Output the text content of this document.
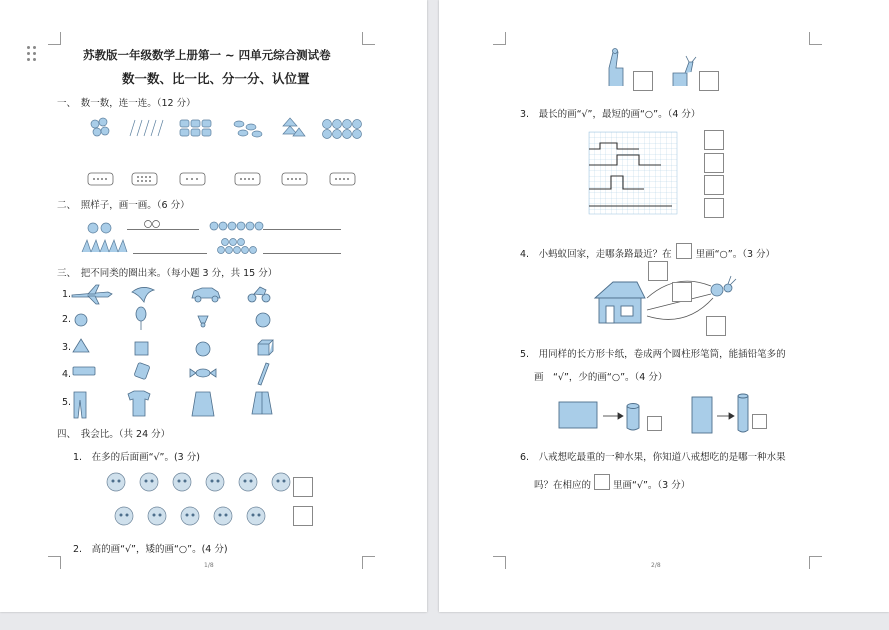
苏教版一年级数学上册第一 ~ 四单元综合测试卷
数一数、比一比、分一分、认位置
一、　数一数，连一连。（12 分）
二、　照样子，画一画。（6 分）
三、　把不同类的圈出来。（每小题 3 分，共 15 分）
1.
2.
3.
4.
5.
四、　我会比。（共 24 分）
1.　在多的后面画“√”。(3 分)
2.　高的画“√”，矮的画“○”。(4 分)
1/8
3.　最长的画“√”，最短的画“○”。（4 分）
4.　小蚂蚁回家，走哪条路最近？在	里画“○”。（3 分）
5.　用同样的长方形卡纸，卷成两个圆柱形笔筒，能插铅笔多的
画　“√”，少的画“○”。（4 分）
6.　八戒想吃最重的一种水果，你知道八戒想吃的是哪一种水果
吗？在相应的 里画“√”。（3 分）
2/8
